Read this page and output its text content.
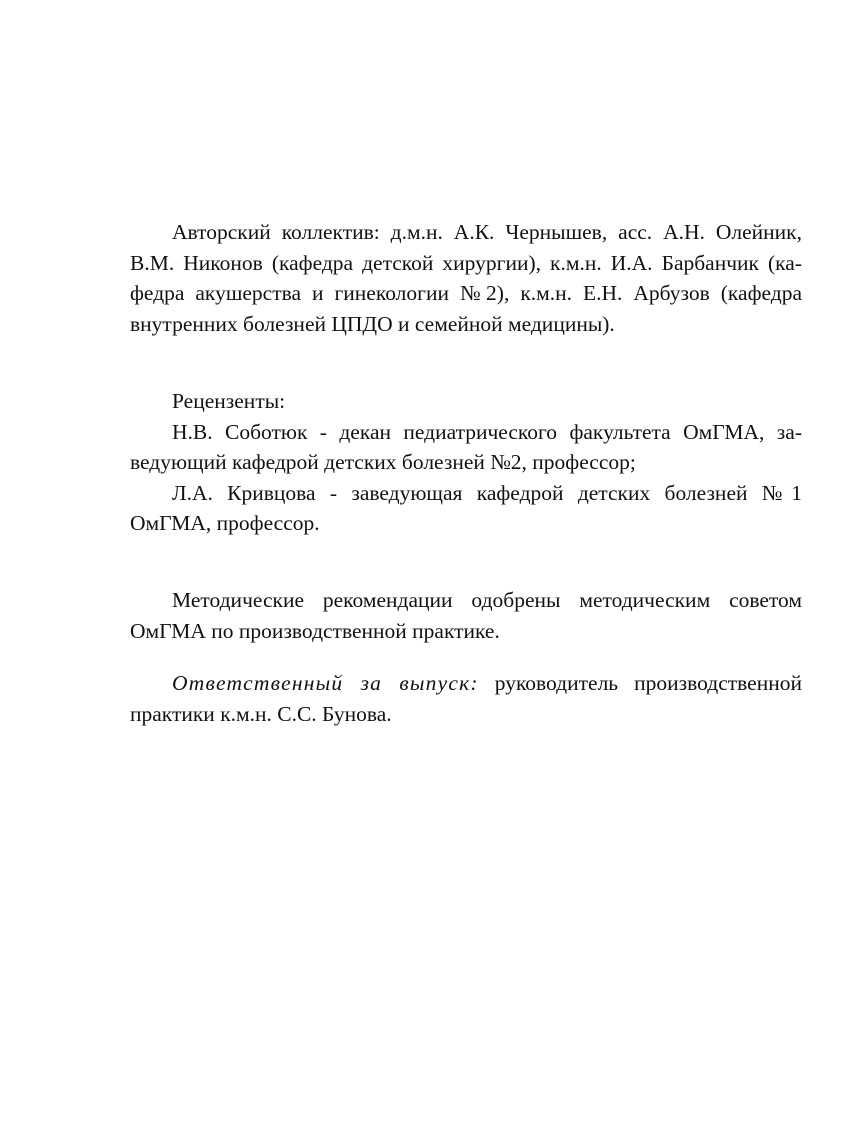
Авторский коллектив: д.м.н. А.К. Чернышев, асс. А.Н. Олейник,
В.М. Никонов (кафедра детской хирургии), к.м.н. И.А. Барбанчик (ка-
федра акушерства и гинекологии №2), к.м.н. Е.Н. Арбузов (кафедра
внутренних болезней ЦПДО и семейной медицины).
Рецензенты:
Н.В. Соботюк - декан педиатрического факультета ОмГМА, за-
ведующий кафедрой детских болезней №2, профессор;
Л.А. Кривцова - заведующая кафедрой детских болезней №1
ОмГМА, профессор.
Методические рекомендации одобрены методическим советом
ОмГМА по производственной практике.
Ответственный за выпуск: руководитель производственной
практики к.м.н. С.С. Бунова.
